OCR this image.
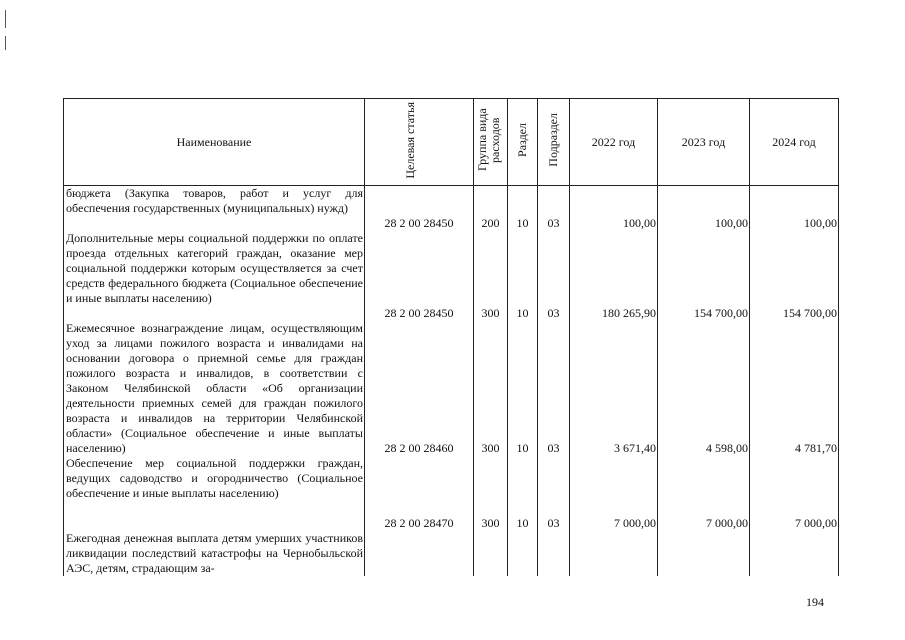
Наименование	Целевая статья	Группа вида расходов	Раздел	Подраздел	2022 год	2023 год	2024 год
бюджета (Закупка товаров, работ и услуг для обеспечения государственных (муниципальных) нужд)	28 2 00 28450	200	10	03	100,00	100,00	100,00
Дополнительные меры социальной поддержки по оплате проезда отдельных категорий граждан, оказание мер социальной поддержки которым осуществляется за счет средств федерального бюджета (Социальное обеспечение и иные выплаты населению)	28 2 00 28450	300	10	03	180 265,90	154 700,00	154 700,00
Ежемесячное вознаграждение лицам, осуществляющим уход за лицами пожилого возраста и инвалидами на основании договора о приемной семье для граждан пожилого возраста и инвалидов, в соответствии с Законом Челябинской области «Об организации деятельности приемных семей для граждан пожилого возраста и инвалидов на территории Челябинской области» (Социальное обеспечение и иные выплаты населению)	28 2 00 28460	300	10	03	3 671,40	4 598,00	4 781,70
Обеспечение мер социальной поддержки граждан, ведущих садоводство и огородничество (Социальное обеспечение и иные выплаты населению)	28 2 00 28470	300	10	03	7 000,00	7 000,00	7 000,00
Ежегодная денежная выплата детям умерших участников ликвидации последствий катастрофы на Чернобыльской АЭС, детям, страдающим за-							
194
